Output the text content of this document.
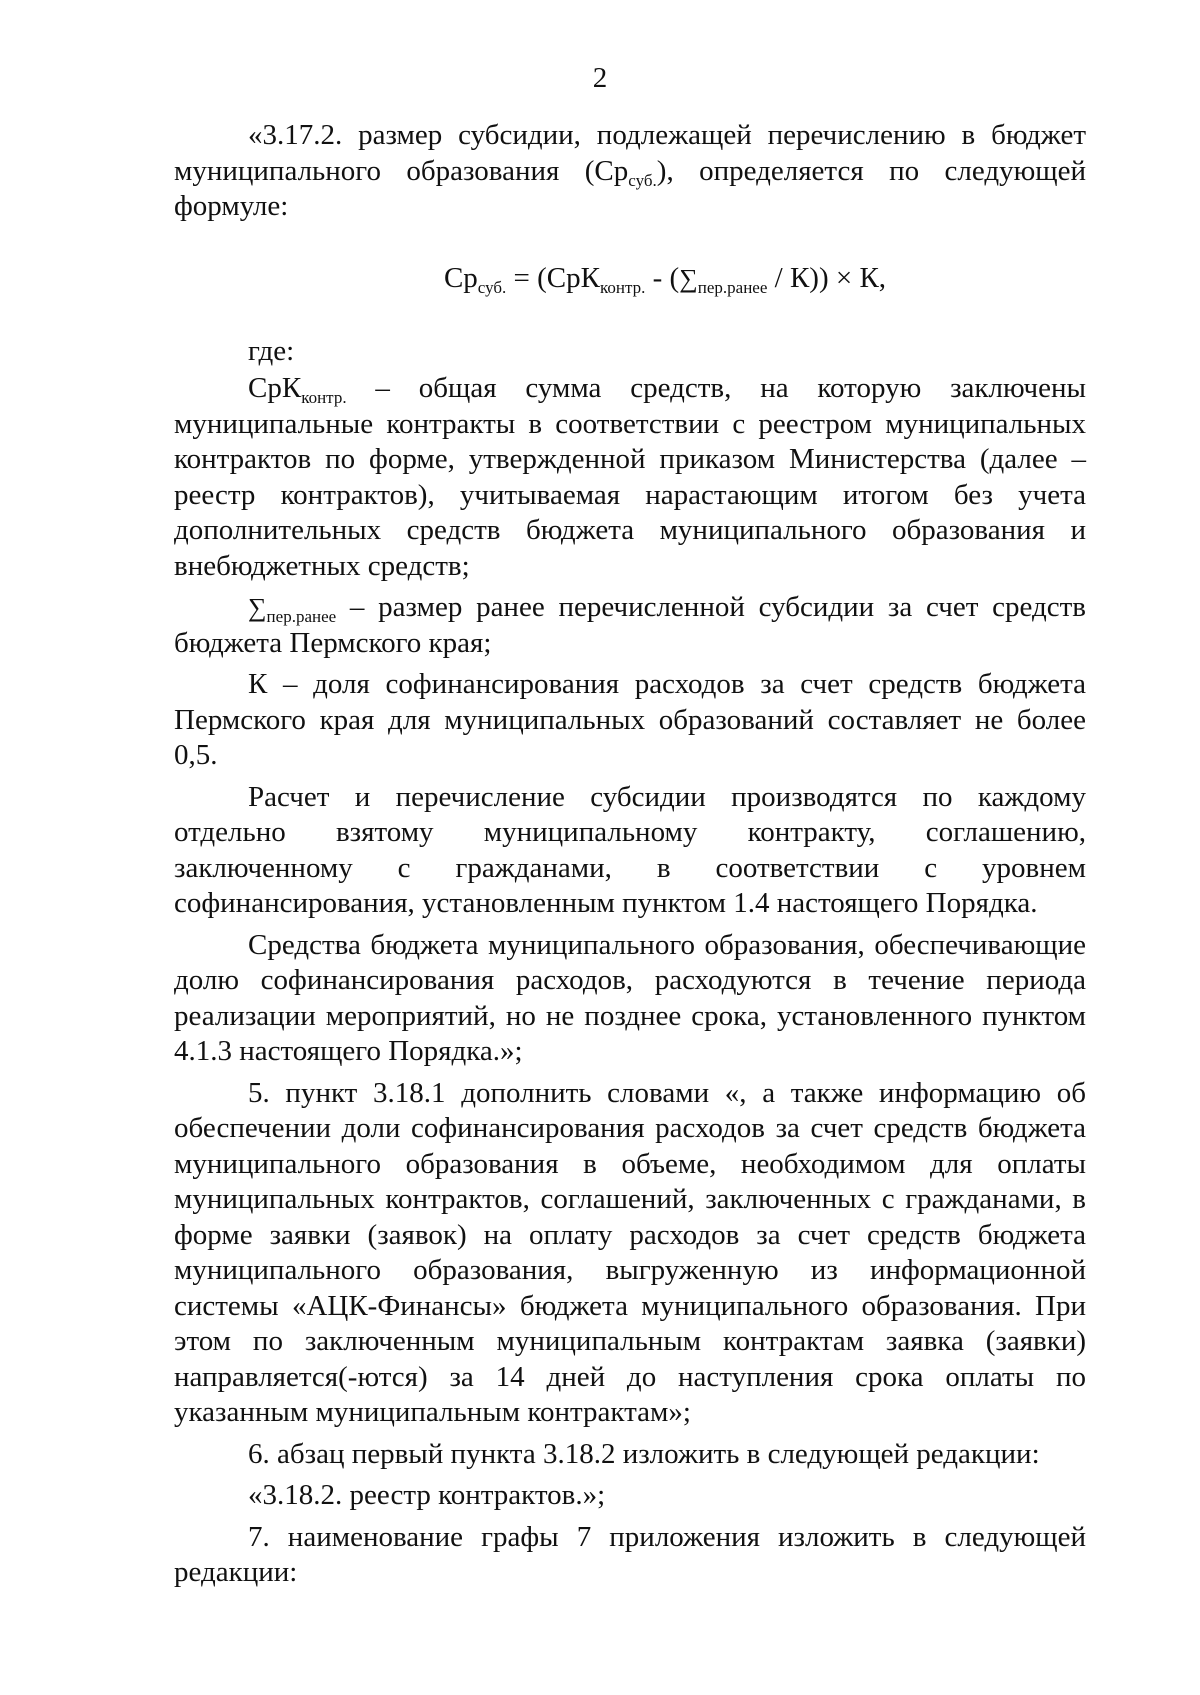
2

«3.17.2. размер субсидии, подлежащей перечислению в бюджет муниципального образования $(Ср_{суб.})$, определяется по следующей формуле:

$Ср_{суб.} = (СрК_{контр.} - (\sum_{пер.ранее} / К)) \times К$,

где:

СрК$_{контр.}$ – общая сумма средств, на которую заключены муниципальные контракты в соответствии с реестром муниципальных контрактов по форме, утвержденной приказом Министерства (далее – реестр контрактов), учитываемая нарастающим итогом без учета дополнительных средств бюджета муниципального образования и внебюджетных средств;

$\sum_{пер.ранее}$ – размер ранее перечисленной субсидии за счет средств бюджета Пермского края;

К – доля софинансирования расходов за счет средств бюджета Пермского края для муниципальных образований составляет не более 0,5.

Расчет и перечисление субсидии производятся по каждому отдельно взятому муниципальному контракту, соглашению, заключенному с гражданами, в соответствии с уровнем софинансирования, установленным пунктом 1.4 настоящего Порядка.

Средства бюджета муниципального образования, обеспечивающие долю софинансирования расходов, расходуются в течение периода реализации мероприятий, но не позднее срока, установленного пунктом 4.1.3 настоящего Порядка.»;

5. пункт 3.18.1 дополнить словами «, а также информацию об обеспечении доли софинансирования расходов за счет средств бюджета муниципального образования в объеме, необходимом для оплаты муниципальных контрактов, соглашений, заключенных с гражданами, в форме заявки (заявок) на оплату расходов за счет средств бюджета муниципального образования, выгруженную из информационной системы «АЦК-Финансы» бюджета муниципального образования. При этом по заключенным муниципальным контрактам заявка (заявки) направляется(-ются) за 14 дней до наступления срока оплаты по указанным муниципальным контрактам»;

6. абзац первый пункта 3.18.2 изложить в следующей редакции:

«3.18.2. реестр контрактов.»;

7. наименование графы 7 приложения изложить в следующей редакции:
